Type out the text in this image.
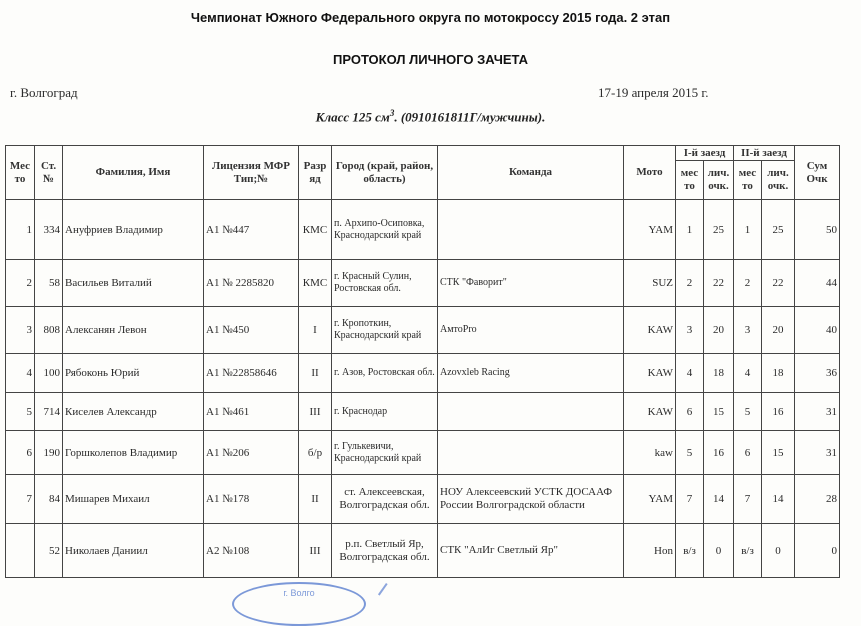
Чемпионат Южного Федерального округа по мотокроссу 2015 года. 2 этап
ПРОТОКОЛ ЛИЧНОГО ЗАЧЕТА
г. Волгоград	17-19 апреля 2015 г.
Класс 125 $см^3$. (0910161811Г/мужчины).
Мес то	Ст. №	Фамилия, Имя	Лицензия МФР Тип;№	Разр яд	Город (край, район, область)	Команда	Мото	I-й заезд		II-й заезд		Сум Очк
								мес то	лич. очк.	мес то	лич. очк.	
1	334	Ануфриев Владимир	А1 №447	КМС	п. Архипо-Осиповка, Краснодарский край		YAM	1	25	1	25	50
2	58	Васильев Виталий	А1 № 2285820	КМС	г. Красный Сулин, Ростовская обл.	СТК "Фаворит"	SUZ	2	22	2	22	44
3	808	Алексанян Левон	А1 №450	I	г. Кропоткин, Краснодарский край	АмтоPro	KAW	3	20	3	20	40
4	100	Рябоконь Юрий	А1 №22858646	II	г. Азов, Ростовская обл.	Azovxleb Racing	KAW	4	18	4	18	36
5	714	Киселев Александр	А1 №461	III	г. Краснодар		KAW	6	15	5	16	31
6	190	Горшколепов Владимир	А1 №206	б/р	г. Гулькевичи, Краснодарский край		kaw	5	16	6	15	31
7	84	Мишарев Михаил	А1 №178	II	ст. Алексеевская, Волгоградская обл.	НОУ Алексеевский УСТК ДОСААФ России Волгоградской области	YAM	7	14	7	14	28
	52	Николаев Даниил	А2 №108	III	р.п. Светлый Яр, Волгоградская обл.	СТК "АлИг Светлый Яр"	Hon	в/з	0	в/з	0	0
г. Волго
